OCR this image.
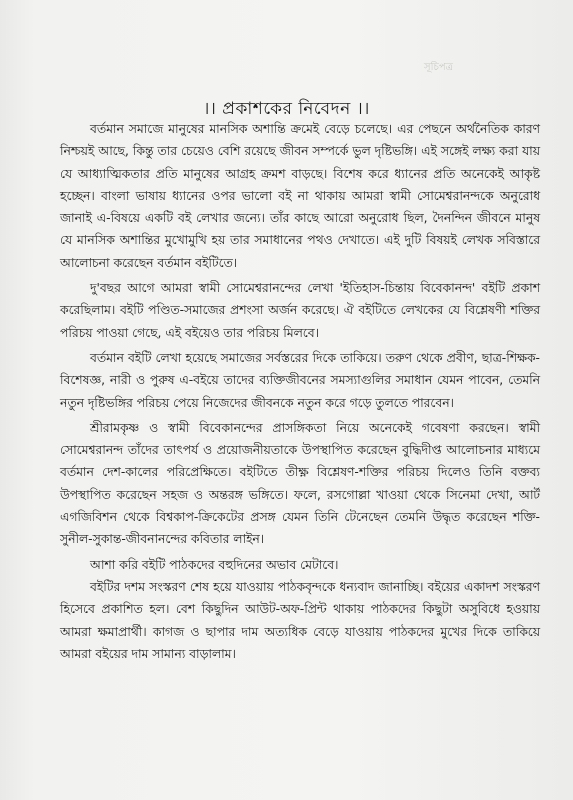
সূচিপত্র
।। প্রকাশকের নিবেদন ।।

বর্তমান সমাজে মানুষের মানসিক অশান্তি ক্রমেই বেড়ে চলেছে। এর পেছনে অর্থনৈতিক কারণ নিশ্চয়ই আছে, কিন্তু তার চেয়েও বেশি রয়েছে জীবন সম্পর্কে ভুল দৃষ্টিভঙ্গি। এই সঙ্গেই লক্ষ্য করা যায় যে আধ্যাত্মিকতার প্রতি মানুষের আগ্রহ ক্রমশ বাড়ছে। বিশেষ করে ধ্যানের প্রতি অনেকেই আকৃষ্ট হচ্ছেন। বাংলা ভাষায় ধ্যানের ওপর ভালো বই না থাকায় আমরা স্বামী সোমেশ্বরানন্দকে অনুরোধ জানাই এ-বিষয়ে একটি বই লেখার জন্যে। তাঁর কাছে আরো অনুরোধ ছিল, দৈনন্দিন জীবনে মানুষ যে মানসিক অশান্তির মুখোমুখি হয় তার সমাধানের পথও দেখাতে। এই দুটি বিষয়ই লেখক সবিস্তারে আলোচনা করেছেন বর্তমান বইটিতে।

দু'বছর আগে আমরা স্বামী সোমেশ্বরানন্দের লেখা 'ইতিহাস-চিন্তায় বিবেকানন্দ' বইটি প্রকাশ করেছিলাম। বইটি পণ্ডিত-সমাজের প্রশংসা অর্জন করেছে। ঐ বইটিতে লেখকের যে বিশ্লেষণী শক্তির পরিচয় পাওয়া গেছে, এই বইয়েও তার পরিচয় মিলবে।

বর্তমান বইটি লেখা হয়েছে সমাজের সর্বস্তরের দিকে তাকিয়ে। তরুণ থেকে প্রবীণ, ছাত্র-শিক্ষক-বিশেষজ্ঞ, নারী ও পুরুষ এ-বইয়ে তাদের ব্যক্তিজীবনের সমস্যাগুলির সমাধান যেমন পাবেন, তেমনি নতুন দৃষ্টিভঙ্গির পরিচয় পেয়ে নিজেদের জীবনকে নতুন করে গড়ে তুলতে পারবেন।

শ্রীরামকৃষ্ণ ও স্বামী বিবেকানন্দের প্রাসঙ্গিকতা নিয়ে অনেকেই গবেষণা করছেন। স্বামী সোমেশ্বরানন্দ তাঁদের তাৎপর্য ও প্রয়োজনীয়তাকে উপস্থাপিত করেছেন বুদ্ধিদীপ্ত আলোচনার মাধ্যমে বর্তমান দেশ-কালের পরিপ্রেক্ষিতে। বইটিতে তীক্ষ্ণ বিশ্লেষণ-শক্তির পরিচয় দিলেও তিনি বক্তব্য উপস্থাপিত করেছেন সহজ ও অন্তরঙ্গ ভঙ্গিতে। ফলে, রসগোল্লা খাওয়া থেকে সিনেমা দেখা, আর্ট এগজিবিশন থেকে বিশ্বকাপ-ক্রিকেটের প্রসঙ্গ যেমন তিনি টেনেছেন তেমনি উদ্ধৃত করেছেন শক্তি-সুনীল-সুকান্ত-জীবনানন্দের কবিতার লাইন।

আশা করি বইটি পাঠকদের বহুদিনের অভাব মেটাবে।

বইটির দশম সংস্করণ শেষ হয়ে যাওয়ায় পাঠকবৃন্দকে ধন্যবাদ জানাচ্ছি। বইয়ের একাদশ সংস্করণ হিসেবে প্রকাশিত হল। বেশ কিছুদিন আউট-অফ-প্রিন্ট থাকায় পাঠকদের কিছুটা অসুবিধে হওয়ায় আমরা ক্ষমাপ্রার্থী। কাগজ ও ছাপার দাম অত্যধিক বেড়ে যাওয়ায় পাঠকদের মুখের দিকে তাকিয়ে আমরা বইয়ের দাম সামান্য বাড়ালাম।
